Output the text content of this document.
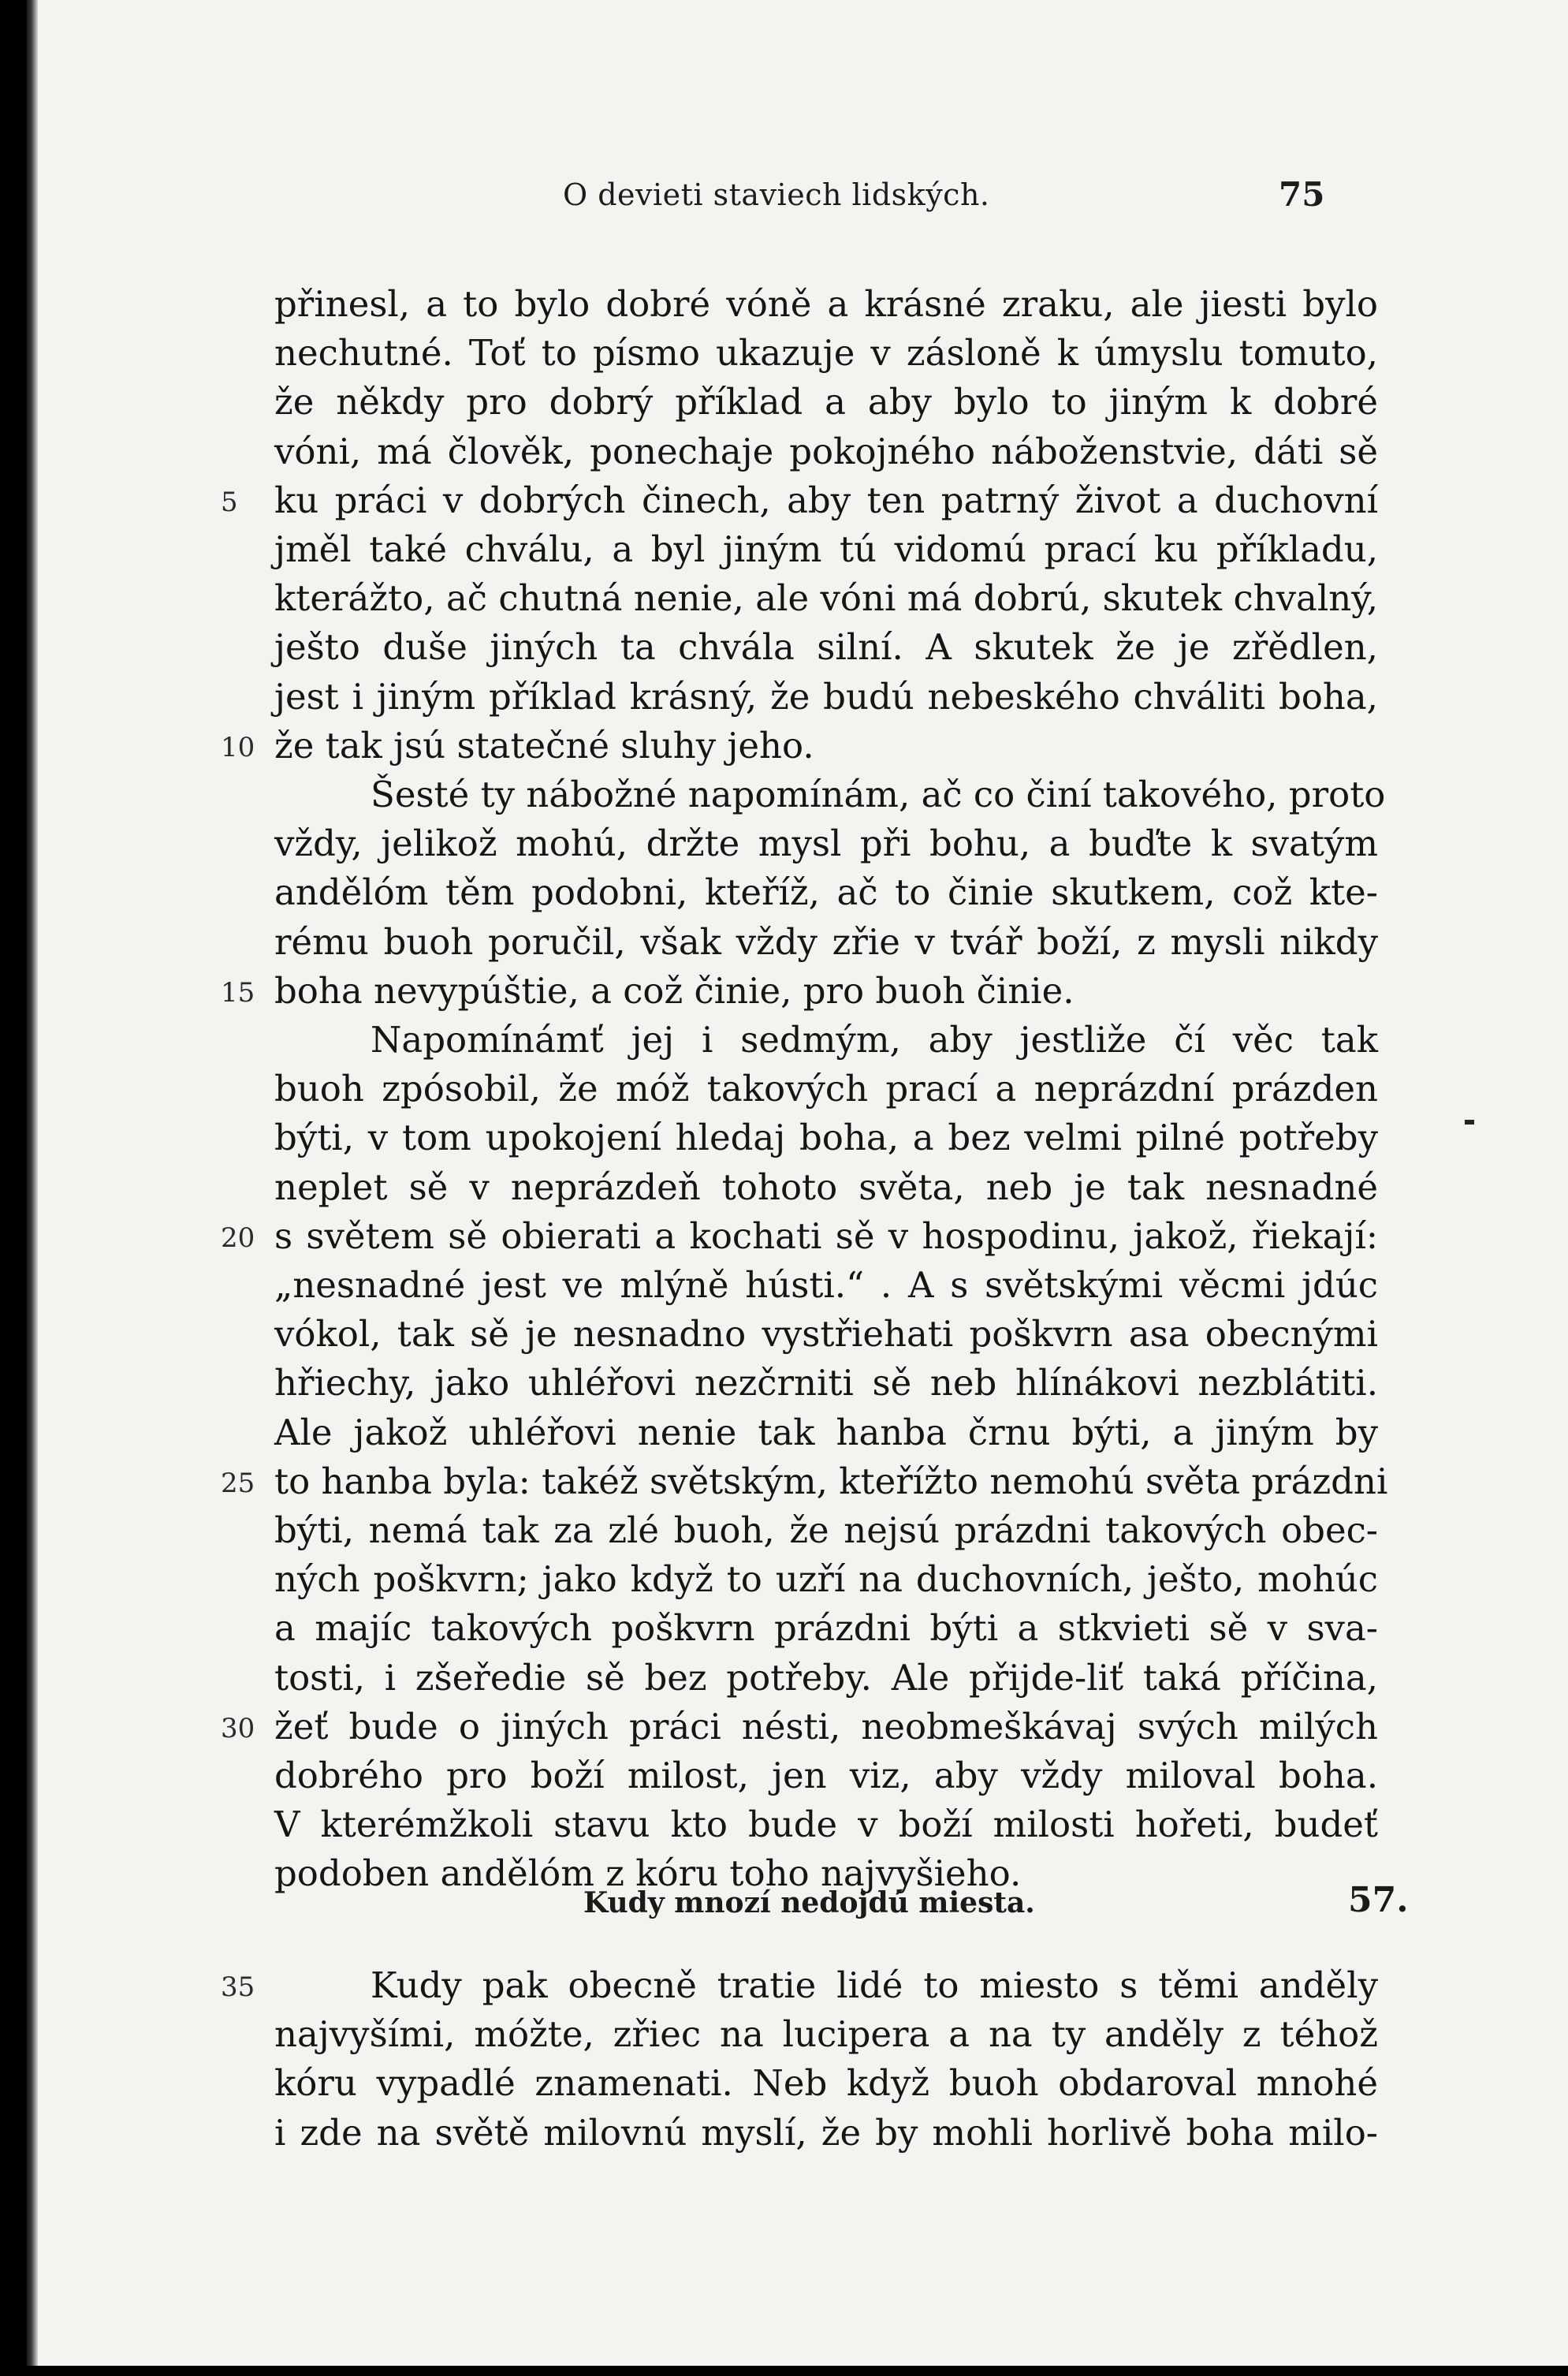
O devieti staviech lidských.	75
přinesl, a to bylo dobré vóně a krásné zraku, ale jiesti bylo
nechutné. Toť to písmo ukazuje v zásloně k úmyslu tomuto,
že někdy pro dobrý příklad a aby bylo to jiným k dobré
vóni, má člověk, ponechaje pokojného náboženstvie, dáti sě
ku práci v dobrých činech, aby ten patrný život a duchovní
5
jměl také chválu, a byl jiným tú vidomú prací ku příkladu,
kterážto, ač chutná nenie, ale vóni má dobrú, skutek chvalný,
ješto duše jiných ta chvála silní. A skutek že je zřědlen,
jest i jiným příklad krásný, že budú nebeského chváliti boha,
že tak jsú statečné sluhy jeho.
10
Šesté ty nábožné napomínám, ač co činí takového, proto
vždy, jelikož mohú, držte mysl při bohu, a buďte k svatým
andělóm těm podobni, kteříž, ač to činie skutkem, což kte-
rému buoh poručil, však vždy zřie v tvář boží, z mysli nikdy
boha nevypúštie, a což činie, pro buoh činie.
15
Napomínámť jej i sedmým, aby jestliže čí věc tak
buoh zpósobil, že móž takových prací a neprázdní prázden
býti, v tom upokojení hledaj boha, a bez velmi pilné potřeby
neplet sě v neprázdeň tohoto světa, neb je tak nesnadné
s světem sě obierati a kochati sě v hospodinu, jakož, řiekají:
20
„nesnadné jest ve mlýně hústi.“ . A s světskými věcmi jdúc
vókol, tak sě je nesnadno vystřiehati poškvrn asa obecnými
hřiechy, jako uhléřovi nezčrniti sě neb hlínákovi nezblátiti.
Ale jakož uhléřovi nenie tak hanba črnu býti, a jiným by
to hanba byla: takéž světským, kteřížto nemohú světa prázdni
25
býti, nemá tak za zlé buoh, že nejsú prázdni takových obec-
ných poškvrn; jako když to uzří na duchovních, ješto, mohúc
a majíc takových poškvrn prázdni býti a stkvieti sě v sva-
tosti, i zšeředie sě bez potřeby. Ale přijde-liť taká příčina,
žeť bude o jiných práci nésti, neobmeškávaj svých milých
30
dobrého pro boží milost, jen viz, aby vždy miloval boha.
V kterémžkoli stavu kto bude v boží milosti hořeti, budeť
podoben andělóm z kóru toho najvyšieho.
Kudy mnozí nedojdú miesta.	57.
Kudy pak obecně tratie lidé to miesto s těmi anděly
35
najvyšími, móžte, zřiec na lucipera a na ty anděly z téhož
kóru vypadlé znamenati. Neb když buoh obdaroval mnohé
i zde na světě milovnú myslí, že by mohli horlivě boha milo-
